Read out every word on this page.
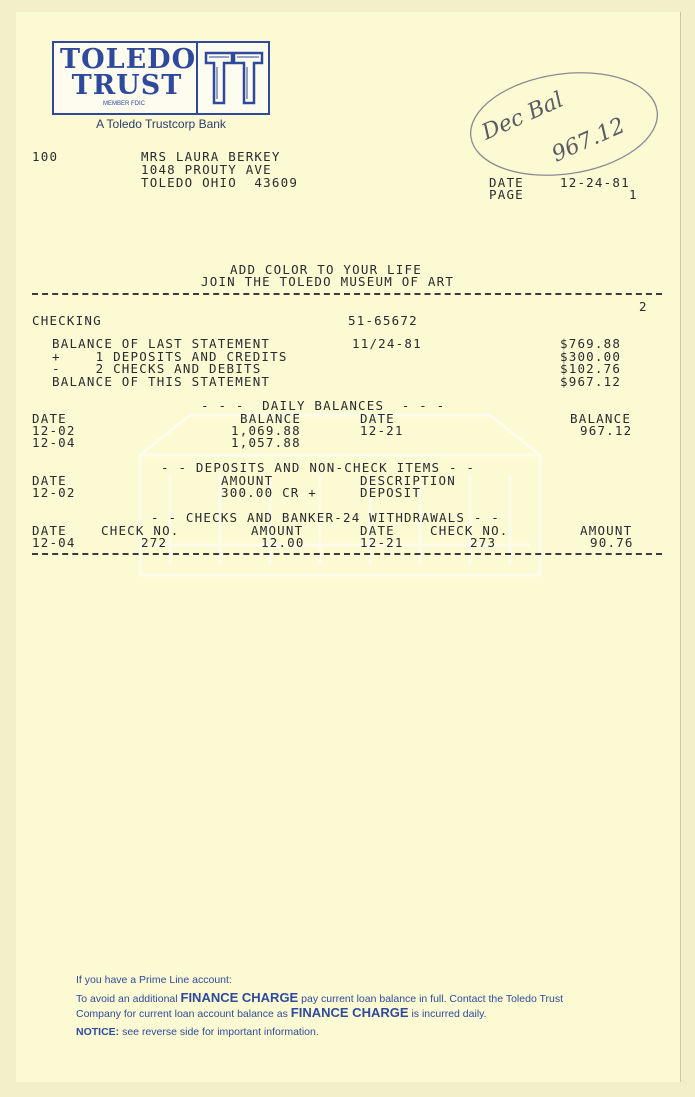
TOLEDO
TRUST
MEMBER FDIC
A Toledo Trustcorp Bank	Dec Bal
967.12
100	MRS LAURA BERKEY
1048 PROUTY AVE
TOLEDO OHIO  43609	DATE	12-24-81
PAGE	1
ADD COLOR TO YOUR LIFE
JOIN THE TOLEDO MUSEUM OF ART
2
CHECKING	51-65672
BALANCE OF LAST STATEMENT	11/24-81	$769.88
+    1 DEPOSITS AND CREDITS	$300.00
-    2 CHECKS AND DEBITS	$102.76
BALANCE OF THIS STATEMENT	$967.12
- - -  DAILY BALANCES  - - -
DATE	BALANCE	DATE	BALANCE
12-02	1,069.88	12-21	967.12
12-04	1,057.88
- - DEPOSITS AND NON-CHECK ITEMS - -
DATE	AMOUNT	DESCRIPTION
12-02	300.00 CR +	DEPOSIT
- - CHECKS AND BANKER-24 WITHDRAWALS - -
DATE	CHECK NO.	AMOUNT	DATE	CHECK NO.	AMOUNT
12-04	272	12.00	12-21	273	90.76
If you have a Prime Line account:
To avoid an additional FINANCE CHARGE pay current loan balance in full. Contact the Toledo Trust
Company for current loan account balance as FINANCE CHARGE is incurred daily.
NOTICE: see reverse side for important information.
